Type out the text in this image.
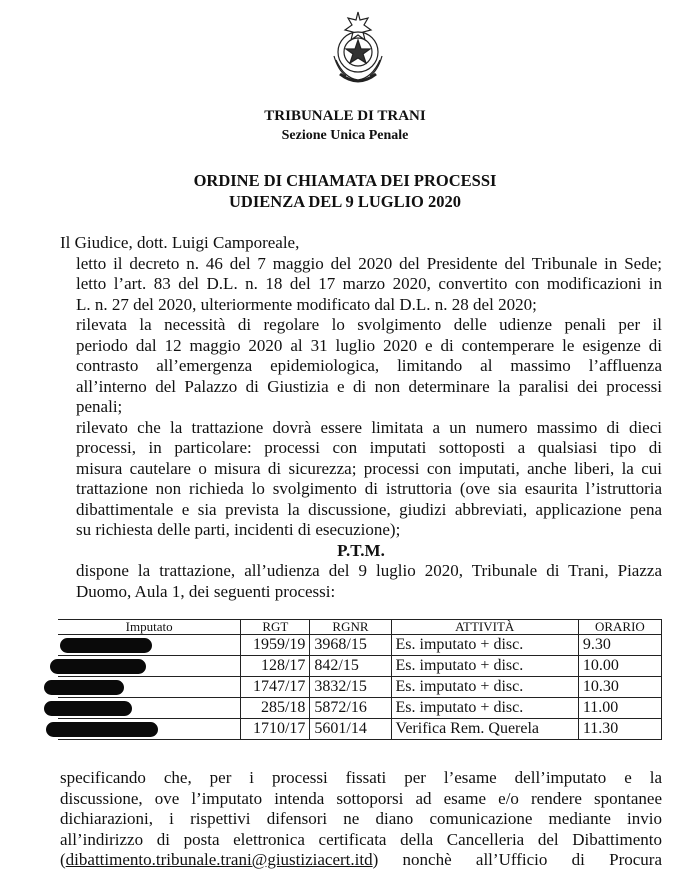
TRIBUNALE DI TRANI
Sezione Unica Penale
ORDINE DI CHIAMATA DEI PROCESSI
UDIENZA DEL 9 LUGLIO 2020

Il Giudice, dott. Luigi Camporeale,

letto il decreto n. 46 del 7 maggio del 2020 del Presidente del Tribunale in Sede;

letto l’art. 83 del D.L. n. 18 del 17 marzo 2020, convertito con modificazioni in

L. n. 27 del 2020, ulteriormente modificato dal D.L. n. 28 del 2020;

rilevata la necessità di regolare lo svolgimento delle udienze penali per il

periodo dal 12 maggio 2020 al 31 luglio 2020 e di contemperare le esigenze di

contrasto all’emergenza epidemiologica, limitando al massimo l’affluenza

all’interno del Palazzo di Giustizia e di non determinare la paralisi dei processi

penali;

rilevato che la trattazione dovrà essere limitata a un numero massimo di dieci

processi, in particolare: processi con imputati sottoposti a qualsiasi tipo di

misura cautelare o misura di sicurezza; processi con imputati, anche liberi, la cui

trattazione non richieda lo svolgimento di istruttoria (ove sia esaurita l’istruttoria

dibattimentale e sia prevista la discussione, giudizi abbreviati, applicazione pena

su richiesta delle parti, incidenti di esecuzione);

P.T.M.

dispone la trattazione, all’udienza del 9 luglio 2020, Tribunale di Trani, Piazza

Duomo, Aula 1, dei seguenti processi:

Imputato	RGT	RGNR	ATTIVITÀ	ORARIO

	1959/19	3968/15	Es. imputato + disc.	9.30

	128/17	842/15	Es. imputato + disc.	10.00

	1747/17	3832/15	Es. imputato + disc.	10.30

	285/18	5872/16	Es. imputato + disc.	11.00

	1710/17	5601/14	Verifica Rem. Querela	11.30

specificando che, per i processi fissati per l’esame dell’imputato e la

discussione, ove l’imputato intenda sottoporsi ad esame e/o rendere spontanee

dichiarazioni, i rispettivi difensori ne diano comunicazione mediante invio

all’indirizzo di posta elettronica certificata della Cancelleria del Dibattimento

(dibattimento.tribunale.trani@giustiziacert.itd) nonchè all’Ufficio di Procura
